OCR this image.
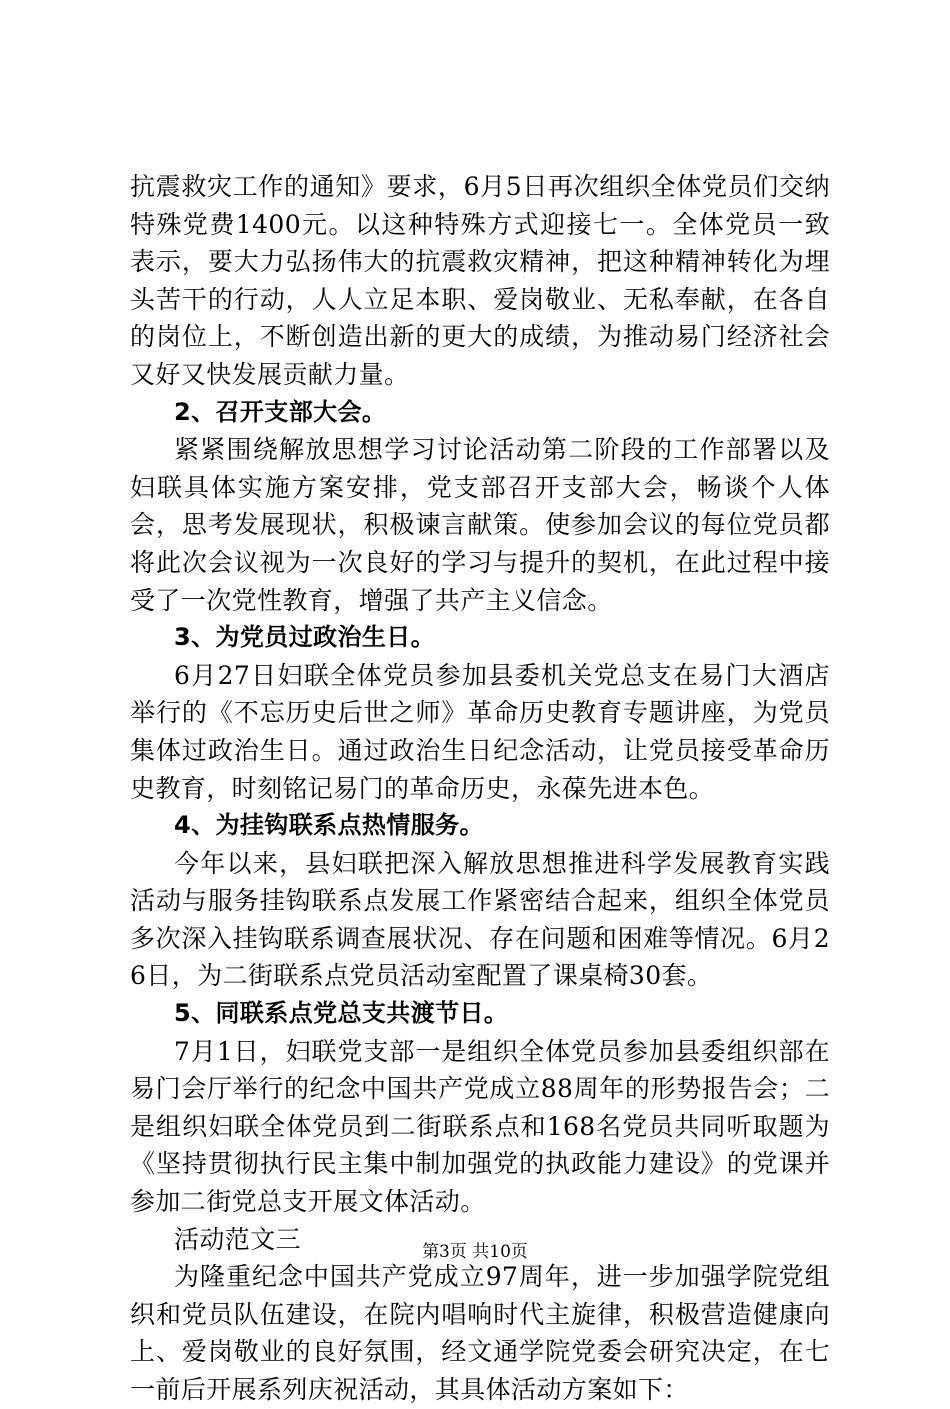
抗震救灾工作的通知》要求，6月5日再次组织全体党员们交纳特殊党费1400元。以这种特殊方式迎接七一。全体党员一致表示，要大力弘扬伟大的抗震救灾精神，把这种精神转化为埋头苦干的行动，人人立足本职、爱岗敬业、无私奉献，在各自的岗位上，不断创造出新的更大的成绩，为推动易门经济社会又好又快发展贡献力量。

2、召开支部大会。

紧紧围绕解放思想学习讨论活动第二阶段的工作部署以及妇联具体实施方案安排，党支部召开支部大会，畅谈个人体会，思考发展现状，积极谏言献策。使参加会议的每位党员都将此次会议视为一次良好的学习与提升的契机，在此过程中接受了一次党性教育，增强了共产主义信念。

3、为党员过政治生日。

6月27日妇联全体党员参加县委机关党总支在易门大酒店举行的《不忘历史后世之师》革命历史教育专题讲座，为党员集体过政治生日。通过政治生日纪念活动，让党员接受革命历史教育，时刻铭记易门的革命历史，永葆先进本色。

4、为挂钩联系点热情服务。

今年以来，县妇联把深入解放思想推进科学发展教育实践活动与服务挂钩联系点发展工作紧密结合起来，组织全体党员多次深入挂钩联系调查展状况、存在问题和困难等情况。6月26日，为二街联系点党员活动室配置了课桌椅30套。

5、同联系点党总支共渡节日。

7月1日，妇联党支部一是组织全体党员参加县委组织部在易门会厅举行的纪念中国共产党成立88周年的形势报告会；二是组织妇联全体党员到二街联系点和168名党员共同听取题为《坚持贯彻执行民主集中制加强党的执政能力建设》的党课并参加二街党总支开展文体活动。

活动范文三

为隆重纪念中国共产党成立97周年，进一步加强学院党组织和党员队伍建设，在院内唱响时代主旋律，积极营造健康向上、爱岗敬业的良好氛围，经文通学院党委会研究决定，在七一前后开展系列庆祝活动，其具体活动方案如下：

第3页 共10页
